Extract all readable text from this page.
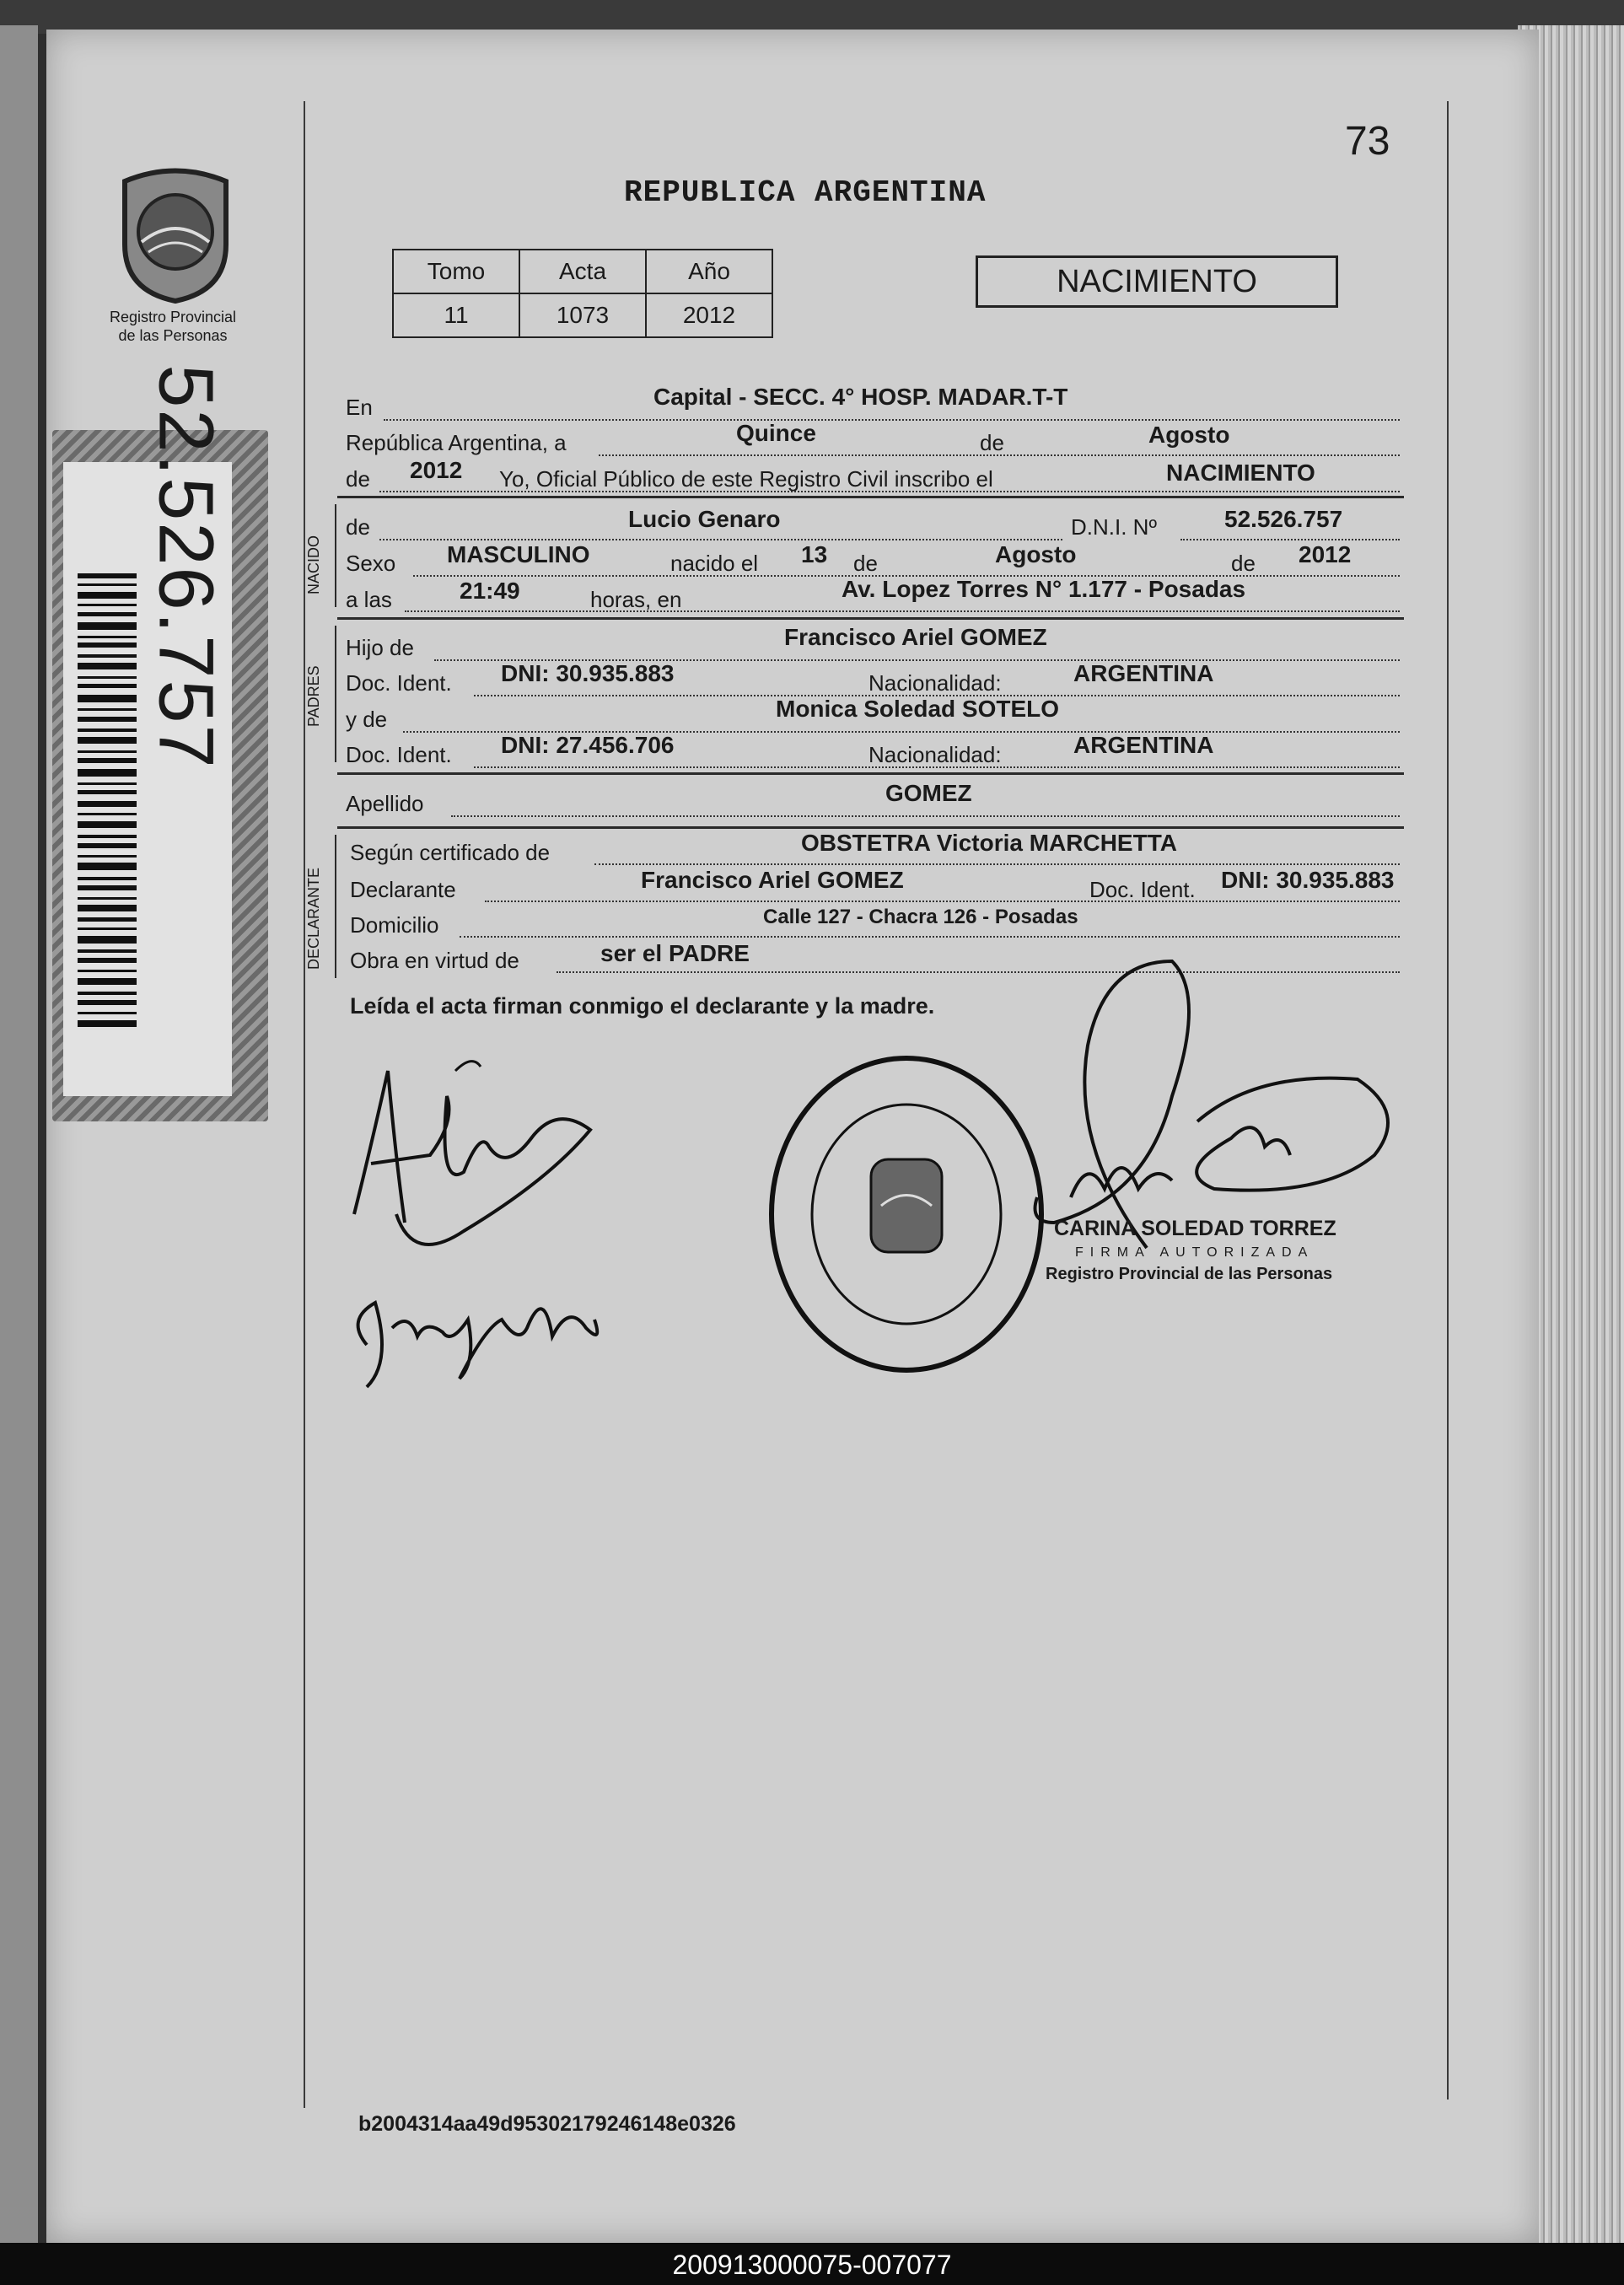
Registro Provincial
de las Personas
52.526.757
73
REPUBLICA ARGENTINA
Tomo	Acta	Año
11	1073	2012
NACIMIENTO
En	Capital - SECC. 4° HOSP. MADAR.T-T
República Argentina, a	Quince	de	Agosto
de 2012 Yo, Oficial Público de este Registro Civil inscribo el	NACIMIENTO
NACIDO
de	Lucio Genaro	D.N.I. Nº	52.526.757
Sexo MASCULINO	nacido el 13 de	Agosto	de 2012
a las	21:49	horas, en	Av. Lopez Torres N° 1.177 - Posadas
PADRES
Hijo de	Francisco Ariel GOMEZ
Doc. Ident. DNI: 30.935.883	Nacionalidad:	ARGENTINA
y de	Monica Soledad SOTELO
Doc. Ident. DNI: 27.456.706	Nacionalidad:	ARGENTINA
Apellido	GOMEZ
DECLARANTE
Según certificado de	OBSTETRA Victoria MARCHETTA
Declarante	Francisco Ariel GOMEZ	Doc. Ident. DNI: 30.935.883
Domicilio	Calle 127 - Chacra 126 - Posadas
Obra en virtud de	ser el PADRE
Leída el acta firman conmigo el declarante y la madre.
CARINA SOLEDAD TORREZ
FIRMA AUTORIZADA
Registro Provincial de las Personas
b2004314aa49d95302179246148e0326
200913000075-007077
